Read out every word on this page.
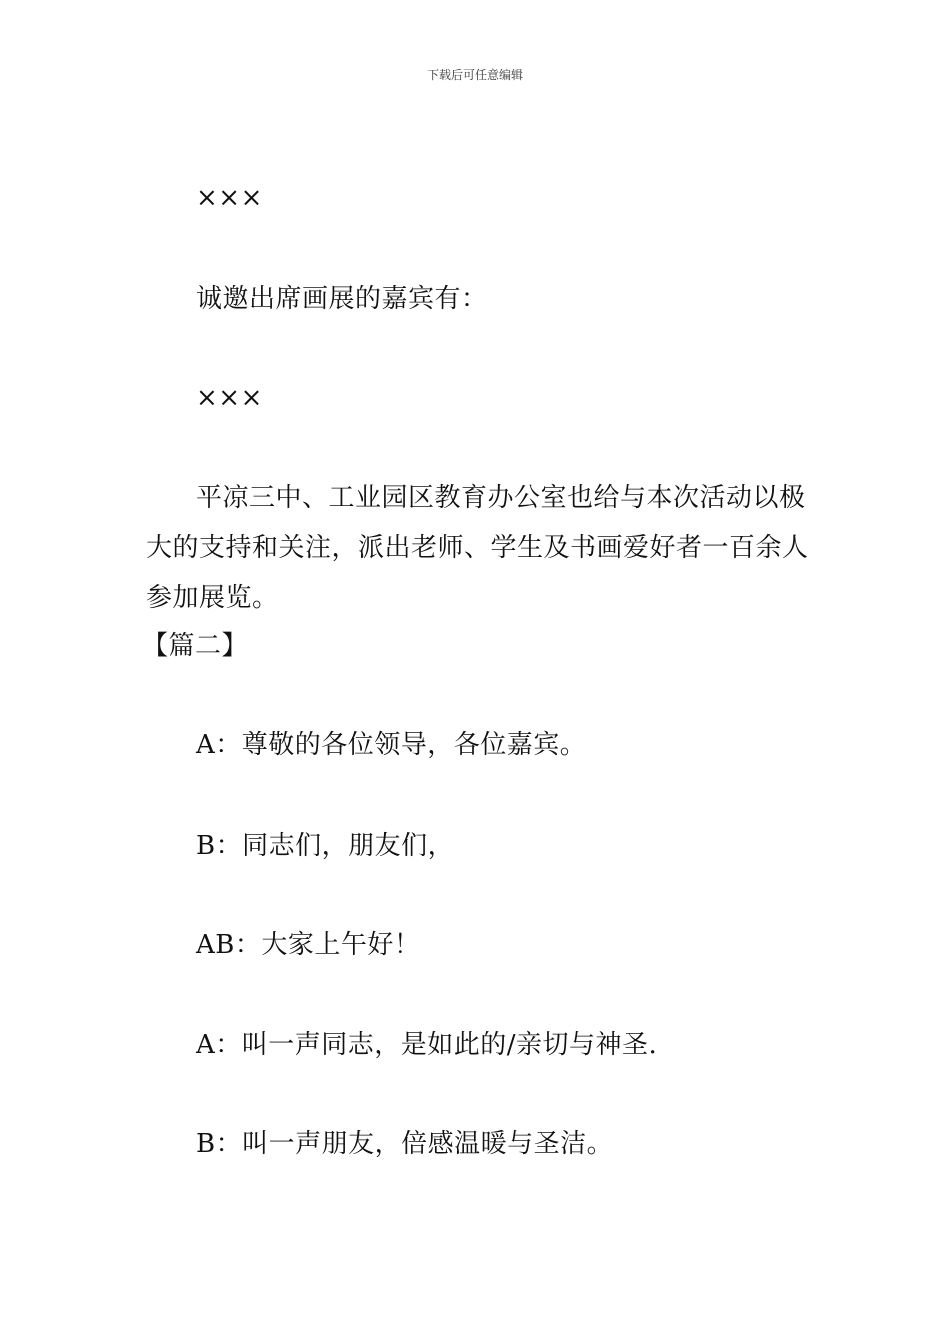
下载后可任意编辑
×××
诚邀出席画展的嘉宾有：
×××
平凉三中、工业园区教育办公室也给与本次活动以极
大的支持和关注，派出老师、学生及书画爱好者一百余人
参加展览。
【篇二】
A：尊敬的各位领导，各位嘉宾。
B：同志们，朋友们，
AB：大家上午好！
A：叫一声同志，是如此的/亲切与神圣.
B：叫一声朋友，倍感温暖与圣洁。
